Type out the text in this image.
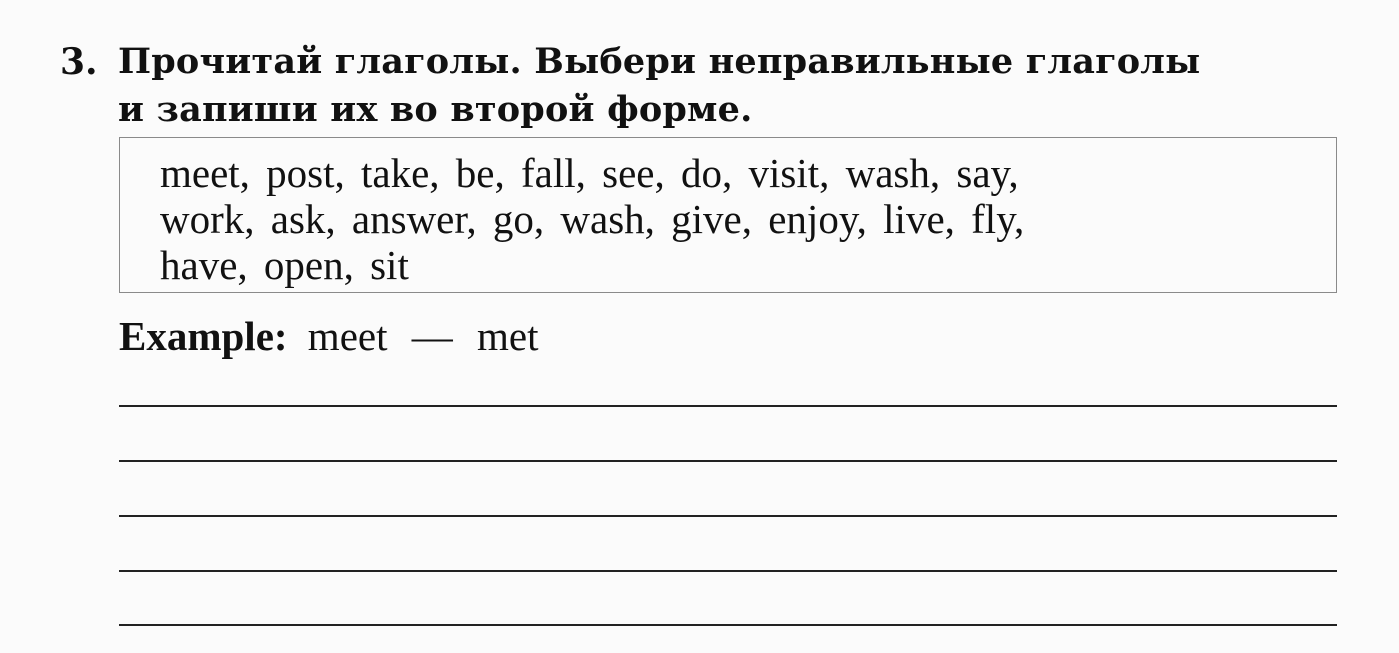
3. Прочитай глаголы. Выбери неправильные глаголы
и запиши их во второй форме.
meet, post, take, be, fall, see, do, visit, wash, say,
work, ask, answer, go, wash, give, enjoy, live, fly,
have, open, sit
Example: meet — met
